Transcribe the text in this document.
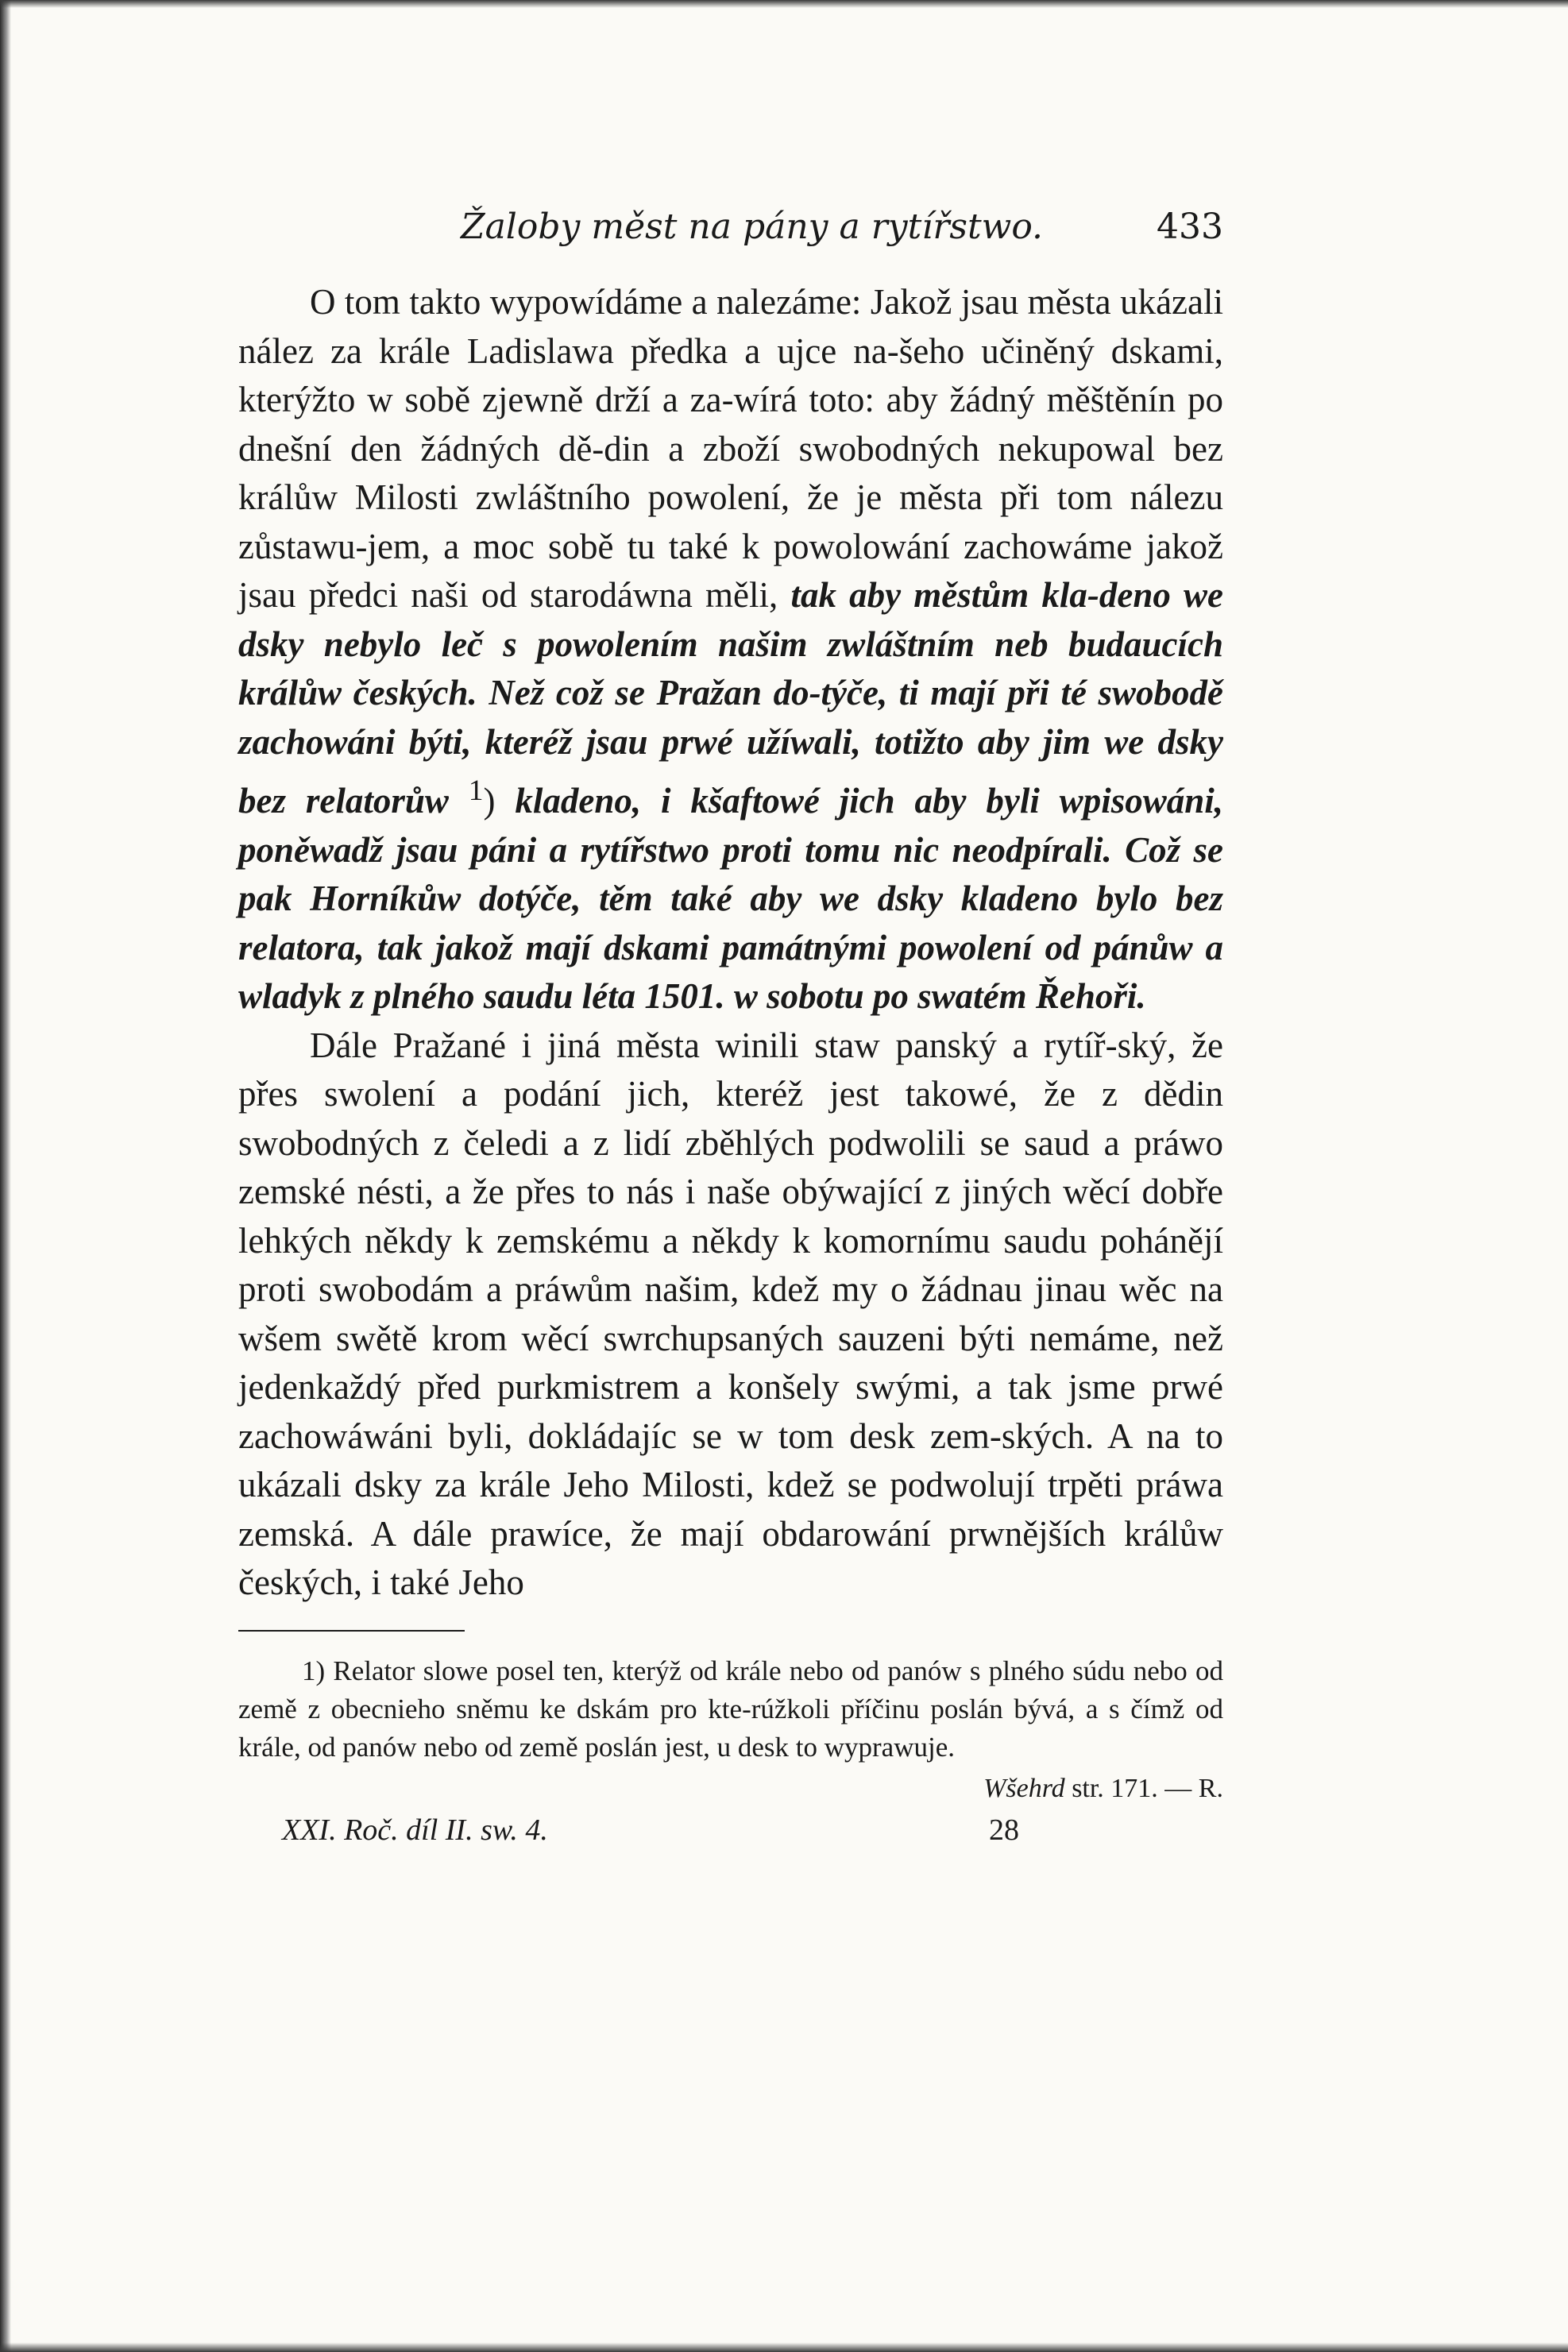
Žaloby měst na pány a rytířstwo.	433

O tom takto wypowídáme a nalezáme: Jakož jsau města ukázali nález za krále Ladislawa předka a ujce na-šeho učiněný dskami, kterýžto w sobě zjewně drží a za-wírá toto: aby žádný měštěnín po dnešní den žádných dě-din a zboží swobodných nekupowal bez králůw Milosti zwláštního powolení, že je města při tom nálezu zůstawu-jem, a moc sobě tu také k powolowání zachowáme jakož jsau předci naši od starodáwna měli, tak aby městům kla-deno we dsky nebylo leč s powolením našim zwláštním neb budaucích králůw českých. Než což se Pražan do-týče, ti mají při té swobodě zachowáni býti, kteréž jsau prwé užíwali, totižto aby jim we dsky bez relatorůw $^1$) kladeno, i kšaftowé jich aby byli wpisowáni, poněwadž jsau páni a rytířstwo proti tomu nic neodpírali. Což se pak Horníkůw dotýče, těm také aby we dsky kladeno bylo bez relatora, tak jakož mají dskami památnými powolení od pánůw a wladyk z plného saudu léta 1501. w sobotu po swatém Řehoři.

Dále Pražané i jiná města winili staw panský a rytíř-ský, že přes swolení a podání jich, kteréž jest takowé, že z dědin swobodných z čeledi a z lidí zběhlých podwolili se saud a práwo zemské nésti, a že přes to nás i naše obýwající z jiných wěcí dobře lehkých někdy k zemskému a někdy k komornímu saudu pohánějí proti swobodám a práwům našim, kdež my o žádnau jinau wěc na wšem swětě krom wěcí swrchupsaných sauzeni býti nemáme, než jedenkaždý před purkmistrem a konšely swými, a tak jsme prwé zachowáwáni byli, dokládajíc se w tom desk zem-ských. A na to ukázali dsky za krále Jeho Milosti, kdež se podwolují trpěti práwa zemská. A dále prawíce, že mají obdarowání prwnějších králůw českých, i také Jeho

1) Relator slowe posel ten, kterýž od krále nebo od panów s plného súdu nebo od země z obecnieho sněmu ke dskám pro kte-rúžkoli příčinu poslán bývá, a s čímž od krále, od panów nebo od země poslán jest, u desk to wyprawuje.
Wšehrd str. 171. — R.
XXI. Roč. díl II. sw. 4.	28
